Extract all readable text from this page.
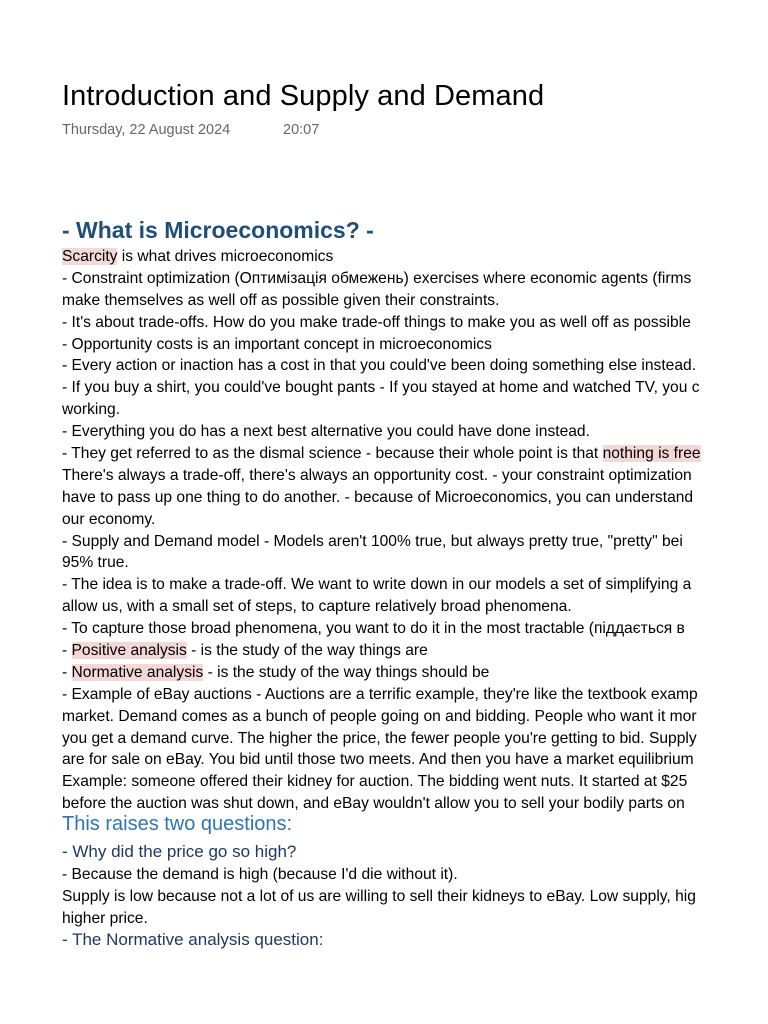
Introduction and Supply and Demand
Thursday, 22 August 2024	20:07
- What is Microeconomics? -
Scarcity is what drives microeconomics
- Constraint optimization (Оптимізація обмежень) exercises where economic agents (firms
make themselves as well off as possible given their constraints.
- It's about trade-offs. How do you make trade-off things to make you as well off as possible
- Opportunity costs is an important concept in microeconomics
- Every action or inaction has a cost in that you could've been doing something else instead.
- If you buy a shirt, you could've bought pants - If you stayed at home and watched TV, you c
working.
- Everything you do has a next best alternative you could have done instead.
- They get referred to as the dismal science - because their whole point is that nothing is free
There's always a trade-off, there's always an opportunity cost. - your constraint optimization
have to pass up one thing to do another. - because of Microeconomics, you can understand
our economy.
- Supply and Demand model - Models aren't 100% true, but always pretty true, "pretty" bei
95% true.
- The idea is to make a trade-off. We want to write down in our models a set of simplifying a
allow us, with a small set of steps, to capture relatively broad phenomena.
- To capture those broad phenomena, you want to do it in the most tractable (піддається в
- Positive analysis - is the study of the way things are
- Normative analysis - is the study of the way things should be
- Example of eBay auctions - Auctions are a terrific example, they're like the textbook examp
market. Demand comes as a bunch of people going on and bidding. People who want it mor
you get a demand curve. The higher the price, the fewer people you're getting to bid. Supply
are for sale on eBay. You bid until those two meets. And then you have a market equilibrium
Example: someone offered their kidney for auction. The bidding went nuts. It started at $25
before the auction was shut down, and eBay wouldn't allow you to sell your bodily parts on
This raises two questions:
- Why did the price go so high?
- Because the demand is high (because I'd die without it).
Supply is low because not a lot of us are willing to sell their kidneys to eBay. Low supply, hig
higher price.
- The Normative analysis question:
